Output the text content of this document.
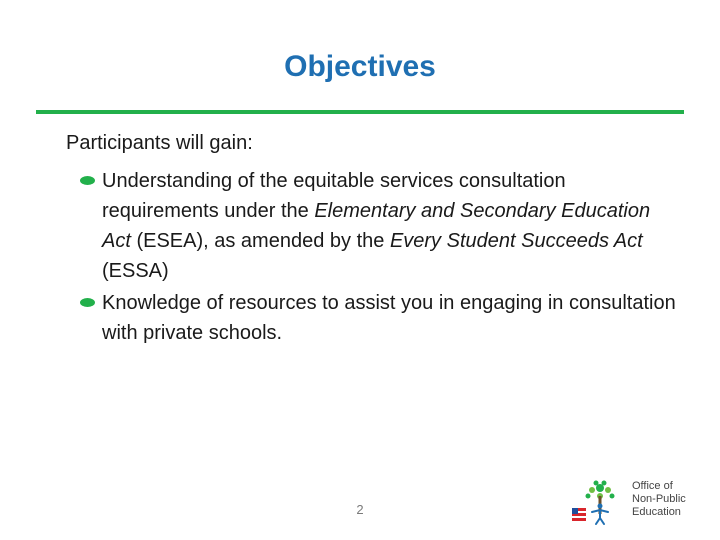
Objectives
Participants will gain:
Understanding of the equitable services consultation requirements under the Elementary and Secondary Education Act (ESEA), as amended by the Every Student Succeeds Act (ESSA)
Knowledge of resources to assist you in engaging in consultation with private schools.
2
Office of
Non-Public
Education
